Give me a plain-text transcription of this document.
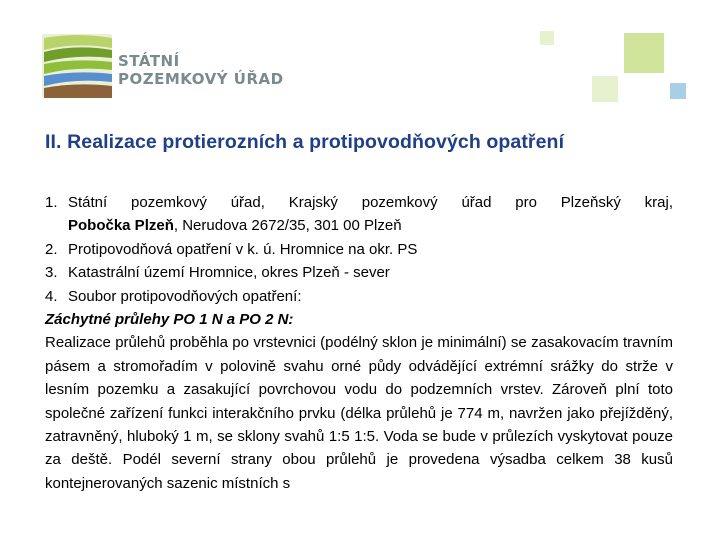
STÁTNÍ
POZEMKOVÝ ÚŘAD
II. Realizace protierozních a protipovodňových opatření
1. Státní pozemkový úřad, Krajský pozemkový úřad pro Plzeňský kraj,
Pobočka Plzeň, Nerudova 2672/35, 301 00 Plzeň
2. Protipovodňová opatření v k. ú. Hromnice na okr. PS
3. Katastrální území Hromnice, okres Plzeň - sever
4. Soubor protipovodňových opatření:
Záchytné průlehy PO 1 N a PO 2 N:
Realizace průlehů proběhla po vrstevnici (podélný sklon je minimální) se zasakovacím travním pásem a stromořadím v polovině svahu orné půdy odvádějící extrémní srážky do strže v lesním pozemku a zasakující povrchovou vodu do podzemních vrstev. Zároveň plní toto společné zařízení funkci interakčního prvku (délka průlehů je 774 m, navržen jako přejížděný, zatravněný, hluboký 1 m, se sklony svahů 1:5 1:5. Voda se bude v průlezích vyskytovat pouze za deště. Podél severní strany obou průlehů je provedena výsadba celkem 38 kusů kontejnerovaných sazenic místních s
